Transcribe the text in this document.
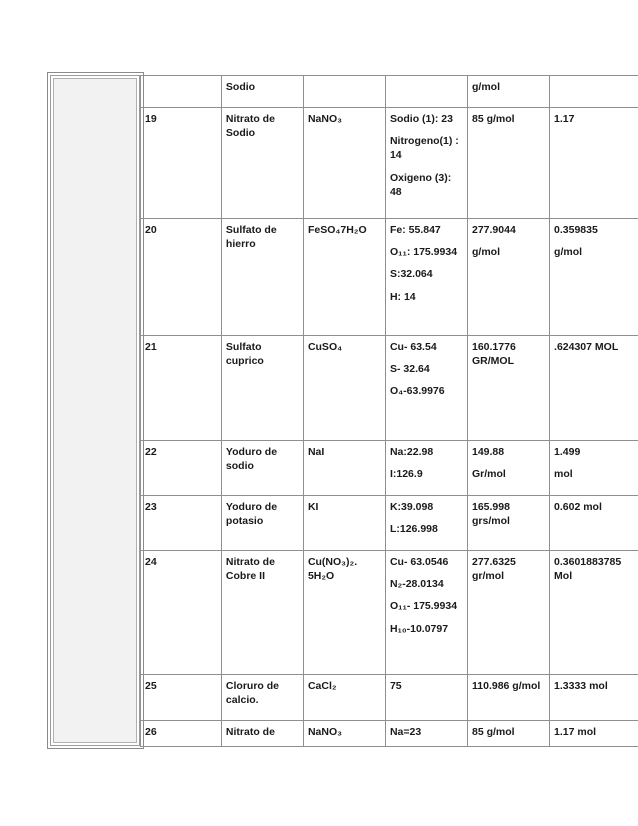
	Sodio			g/mol	

19	Nitrato de Sodio	NaNO₃	Sodio (1): 23
Nitrogeno(1) : 14
Oxigeno (3): 48	85 g/mol	1.17

20	Sulfato de hierro	FeSO₄7H₂O	Fe: 55.847
O₁₁: 175.9934
S:32.064
H: 14	277.9044
g/mol	0.359835
g/mol

21	Sulfato cuprico	CuSO₄	Cu- 63.54
S- 32.64
O₄-63.9976	160.1776 GR/MOL	.624307 MOL

22	Yoduro de sodio	NaI	Na:22.98
I:126.9	149.88
Gr/mol	1.499
mol

23	Yoduro de potasio	KI	K:39.098
L:126.998	165.998 grs/mol	0.602 mol

24	Nitrato de Cobre II	Cu(NO₃)₂. 5H₂O	Cu- 63.0546
N₂-28.0134
O₁₁- 175.9934
H₁₀-10.0797	277.6325 gr/mol	0.3601883785 Mol

25	Cloruro de calcio.	CaCl₂	75	110.986 g/mol	1.3333 mol

26	Nitrato de	NaNO₃	Na=23	85 g/mol	1.17 mol
